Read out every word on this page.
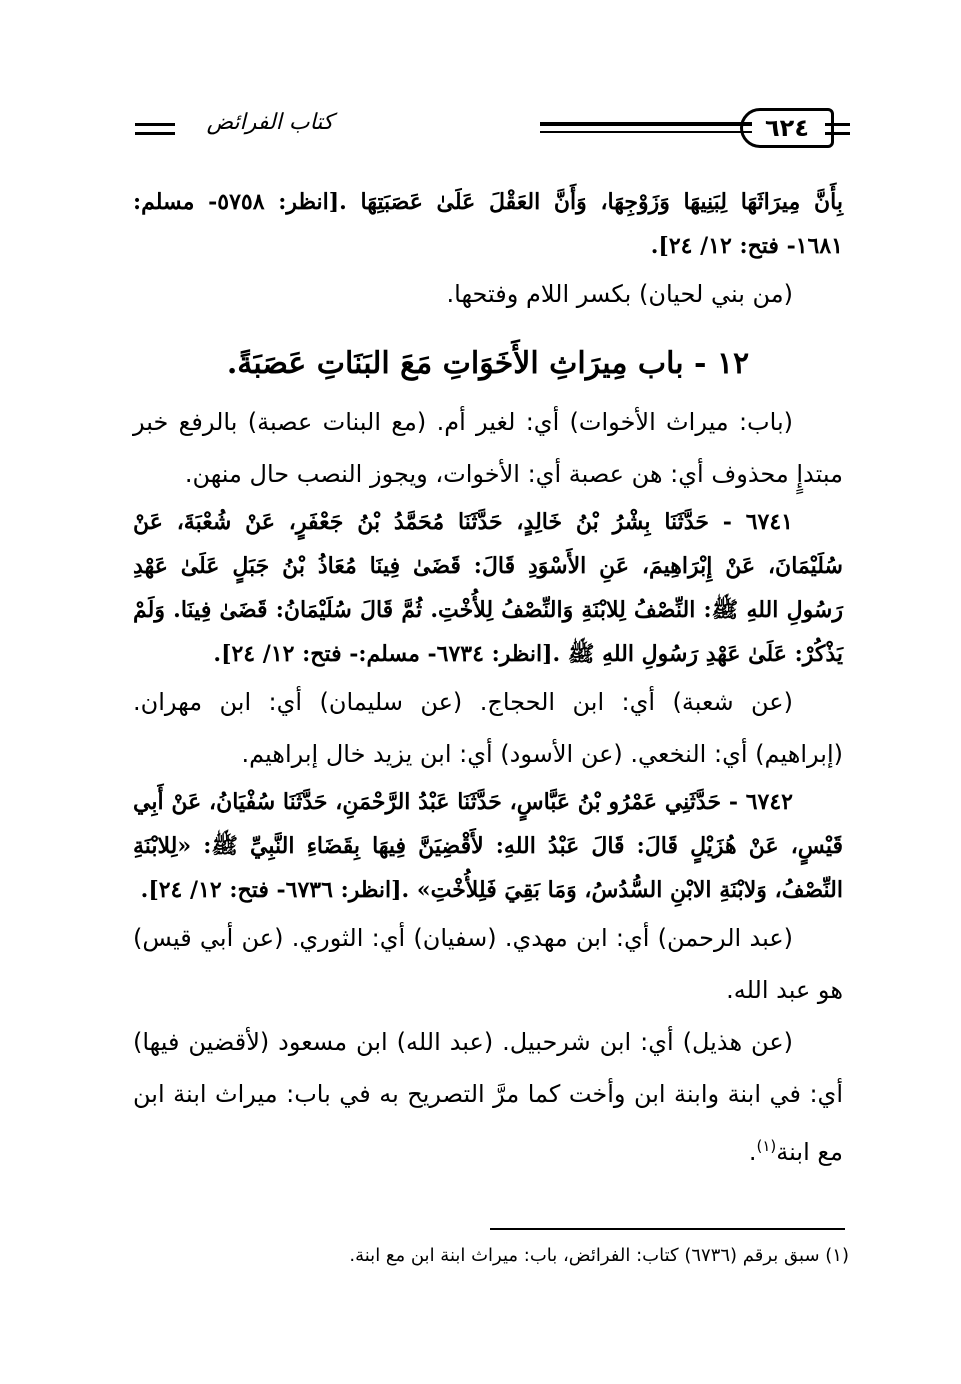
كتاب الفرائض	٦٢٤

بِأَنَّ مِيرَاثَهَا لِبَنِيهَا وَزَوْجِهَا، وَأَنَّ العَقْلَ عَلَىٰ عَصَبَتِهَا .[انظر: ٥٧٥٨- مسلم: ١٦٨١- فتح: ١٢/ ٢٤].

(من بني لحيان) بكسر اللام وفتحها.

١٢ - باب مِيرَاثِ الأَخَوَاتِ مَعَ البَنَاتِ عَصَبَةً.

(باب: ميراث الأخوات) أي: لغير أم. (مع البنات عصبة) بالرفع خبر مبتدإٍ محذوف أي: هن عصبة أي: الأخوات، ويجوز النصب حال منهن.

٦٧٤١ - حَدَّثَنَا بِشْرُ بْنُ خَالِدٍ، حَدَّثَنَا مُحَمَّدُ بْنُ جَعْفَرٍ، عَنْ شُعْبَةَ، عَنْ سُلَيْمَانَ، عَنْ إِبْرَاهِيمَ، عَنِ الأَسْوَدِ قَالَ: قَضَىٰ فِينَا مُعَاذُ بْنُ جَبَلٍ عَلَىٰ عَهْدِ رَسُولِ اللهِ ﷺ: النِّصْفُ لِلابْنَةِ وَالنِّصْفُ لِلأُخْتِ. ثُمَّ قَالَ سُلَيْمَانُ: قَضَىٰ فِينَا. وَلَمْ يَذْكُرْ: عَلَىٰ عَهْدِ رَسُولِ اللهِ ﷺ .[انظر: ٦٧٣٤- مسلم:- فتح: ١٢/ ٢٤].

(عن شعبة) أي: ابن الحجاج. (عن سليمان) أي: ابن مهران. (إبراهيم) أي: النخعي. (عن الأسود) أي: ابن يزيد خال إبراهيم.

٦٧٤٢ - حَدَّثَنِي عَمْرُو بْنُ عَبَّاسٍ، حَدَّثَنَا عَبْدُ الرَّحْمَنِ، حَدَّثَنَا سُفْيَانُ، عَنْ أَبِي قَيْسٍ، عَنْ هُزَيْلٍ قَالَ: قَالَ عَبْدُ اللهِ: لأَقْضِيَنَّ فِيهَا بِقَضَاءِ النَّبِيِّ ﷺ: «لِلابْنَةِ النِّصْفُ، وَلابْنَةِ الابْنِ السُّدُسُ، وَمَا بَقِيَ فَلِلأُخْتِ» .[انظر: ٦٧٣٦- فتح: ١٢/ ٢٤].

(عبد الرحمن) أي: ابن مهدي. (سفيان) أي: الثوري. (عن أبي قيس) هو عبد الله.

(عن هذيل) أي: ابن شرحبيل. (عبد الله) ابن مسعود (لأقضين فيها) أي: في ابنة وابنة ابن وأخت كما مرَّ التصريح به في باب: ميراث ابنة ابن مع ابنة$^{(١)}$.

(١) سبق برقم (٦٧٣٦) كتاب: الفرائض، باب: ميراث ابنة ابن مع ابنة.
